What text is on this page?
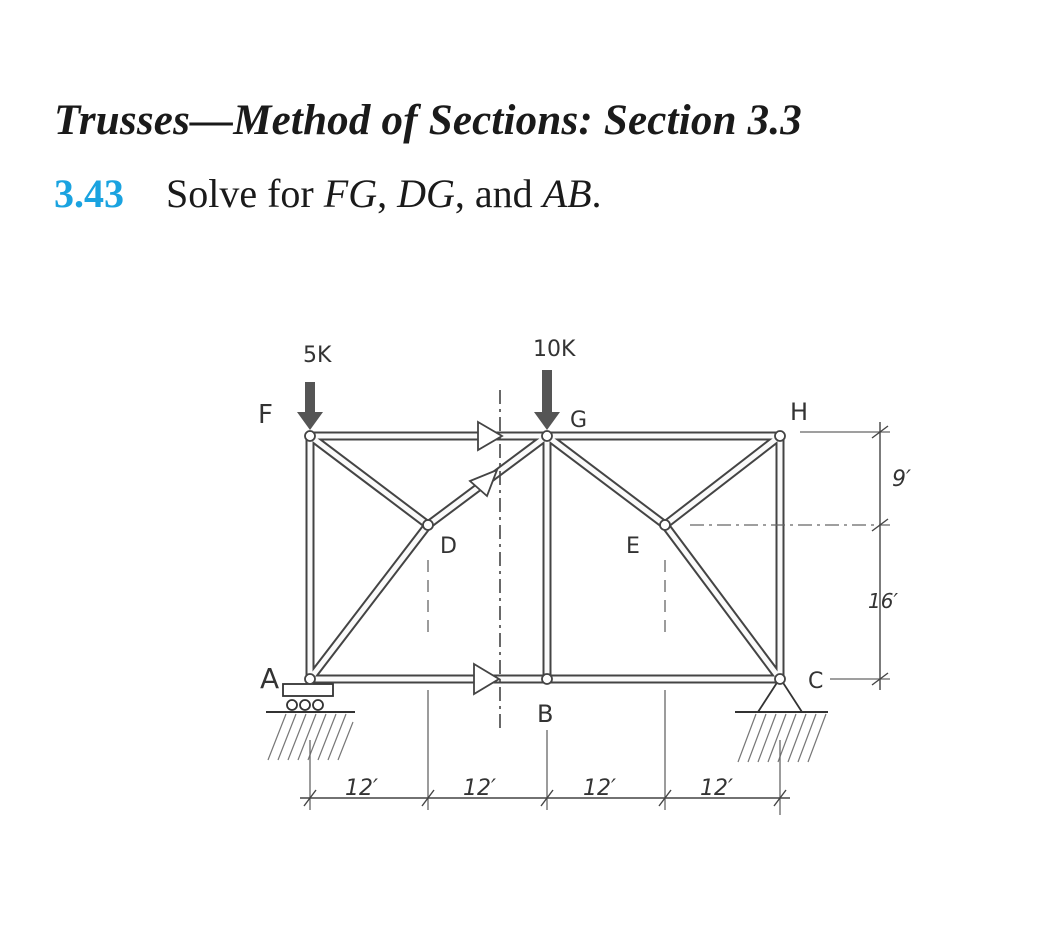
Trusses—Method of Sections: Section 3.3
3.43 Solve for FG, DG, and AB.
5K	10K
F	G	H
A
B
C
D	E
12′	12′	12′	12′
9′
16′
